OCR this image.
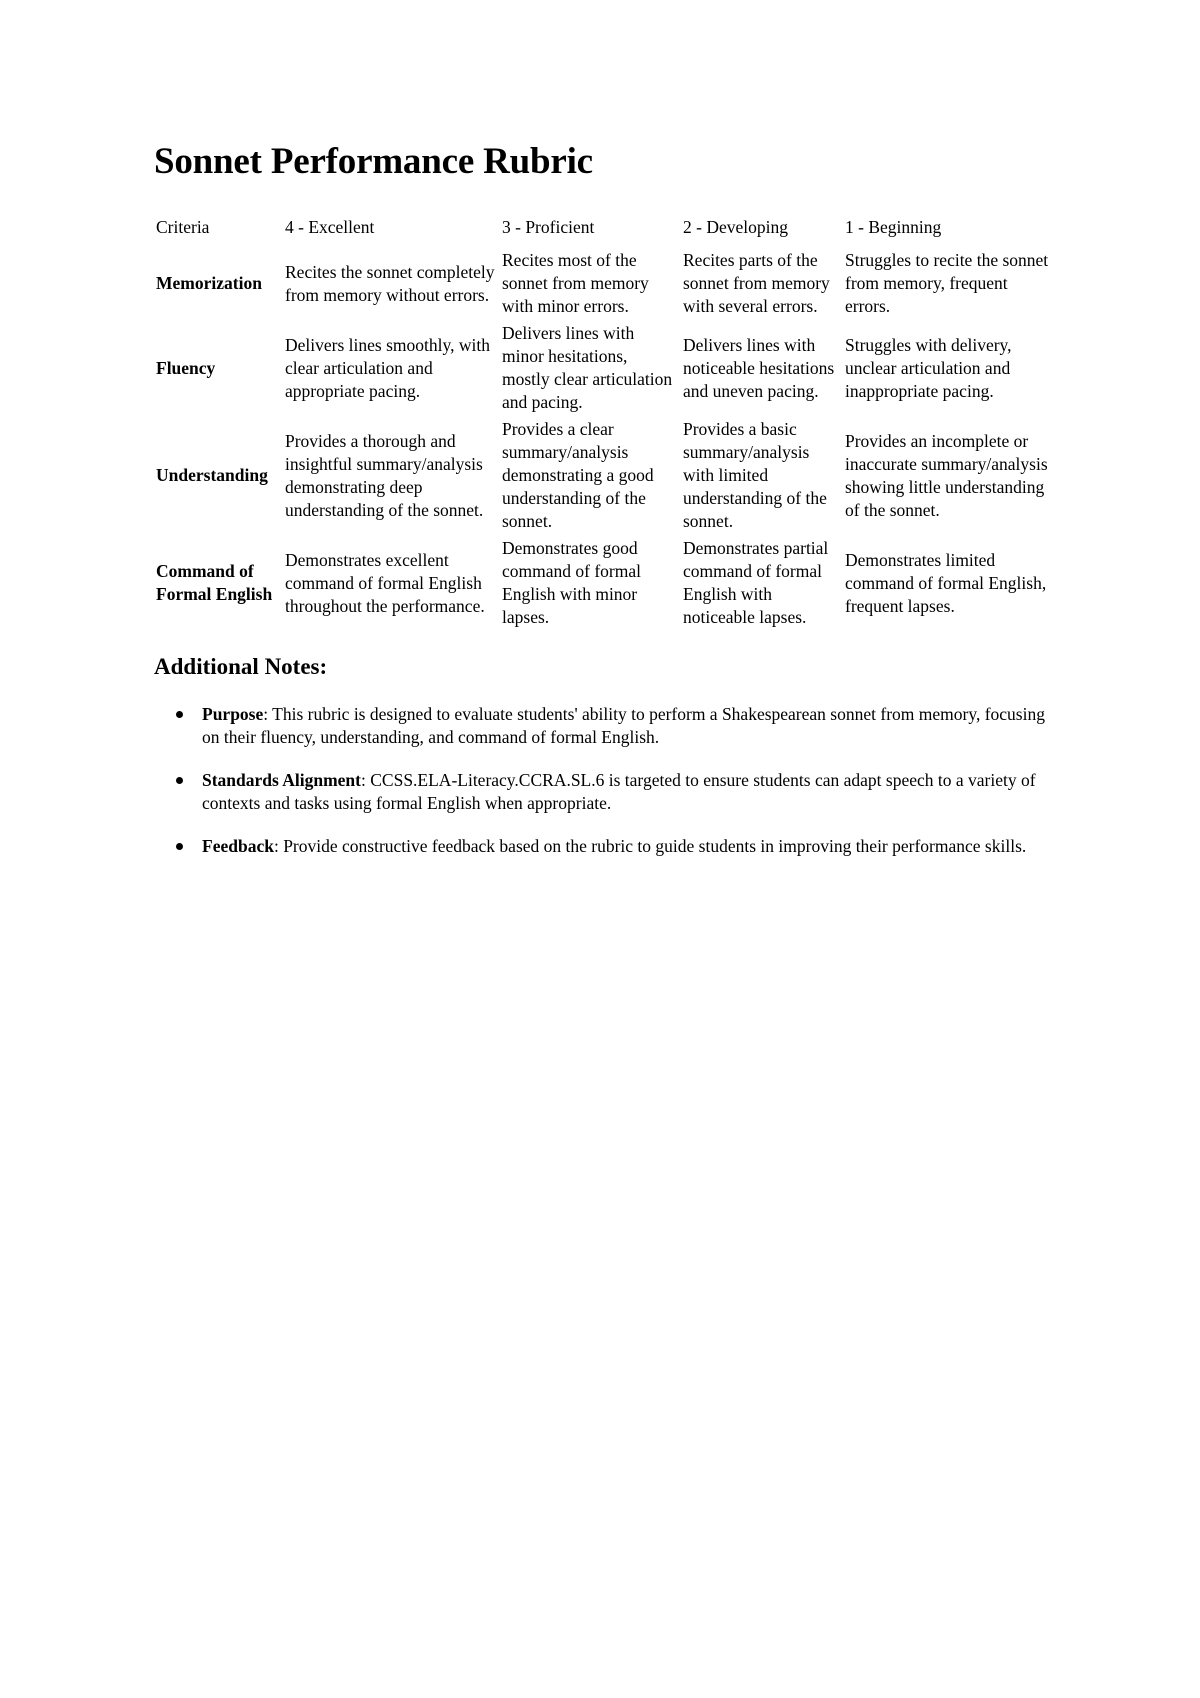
Sonnet Performance Rubric
Criteria	4 - Excellent	3 - Proficient	2 - Developing	1 - Beginning
Memorization	Recites the sonnet completely from memory without errors.	Recites most of the sonnet from memory with minor errors.	Recites parts of the sonnet from memory with several errors.	Struggles to recite the sonnet from memory, frequent errors.
Fluency	Delivers lines smoothly, with clear articulation and appropriate pacing.	Delivers lines with minor hesitations, mostly clear articulation and pacing.	Delivers lines with noticeable hesitations and uneven pacing.	Struggles with delivery, unclear articulation and inappropriate pacing.
Understanding	Provides a thorough and insightful summary/analysis demonstrating deep understanding of the sonnet.	Provides a clear summary/analysis demonstrating a good understanding of the sonnet.	Provides a basic summary/analysis with limited understanding of the sonnet.	Provides an incomplete or inaccurate summary/analysis showing little understanding of the sonnet.
Command of Formal English	Demonstrates excellent command of formal English throughout the performance.	Demonstrates good command of formal English with minor lapses.	Demonstrates partial command of formal English with noticeable lapses.	Demonstrates limited command of formal English, frequent lapses.
Additional Notes:
Purpose: This rubric is designed to evaluate students' ability to perform a Shakespearean sonnet from memory, focusing on their fluency, understanding, and command of formal English.
Standards Alignment: CCSS.ELA-Literacy.CCRA.SL.6 is targeted to ensure students can adapt speech to a variety of contexts and tasks using formal English when appropriate.
Feedback: Provide constructive feedback based on the rubric to guide students in improving their performance skills.
